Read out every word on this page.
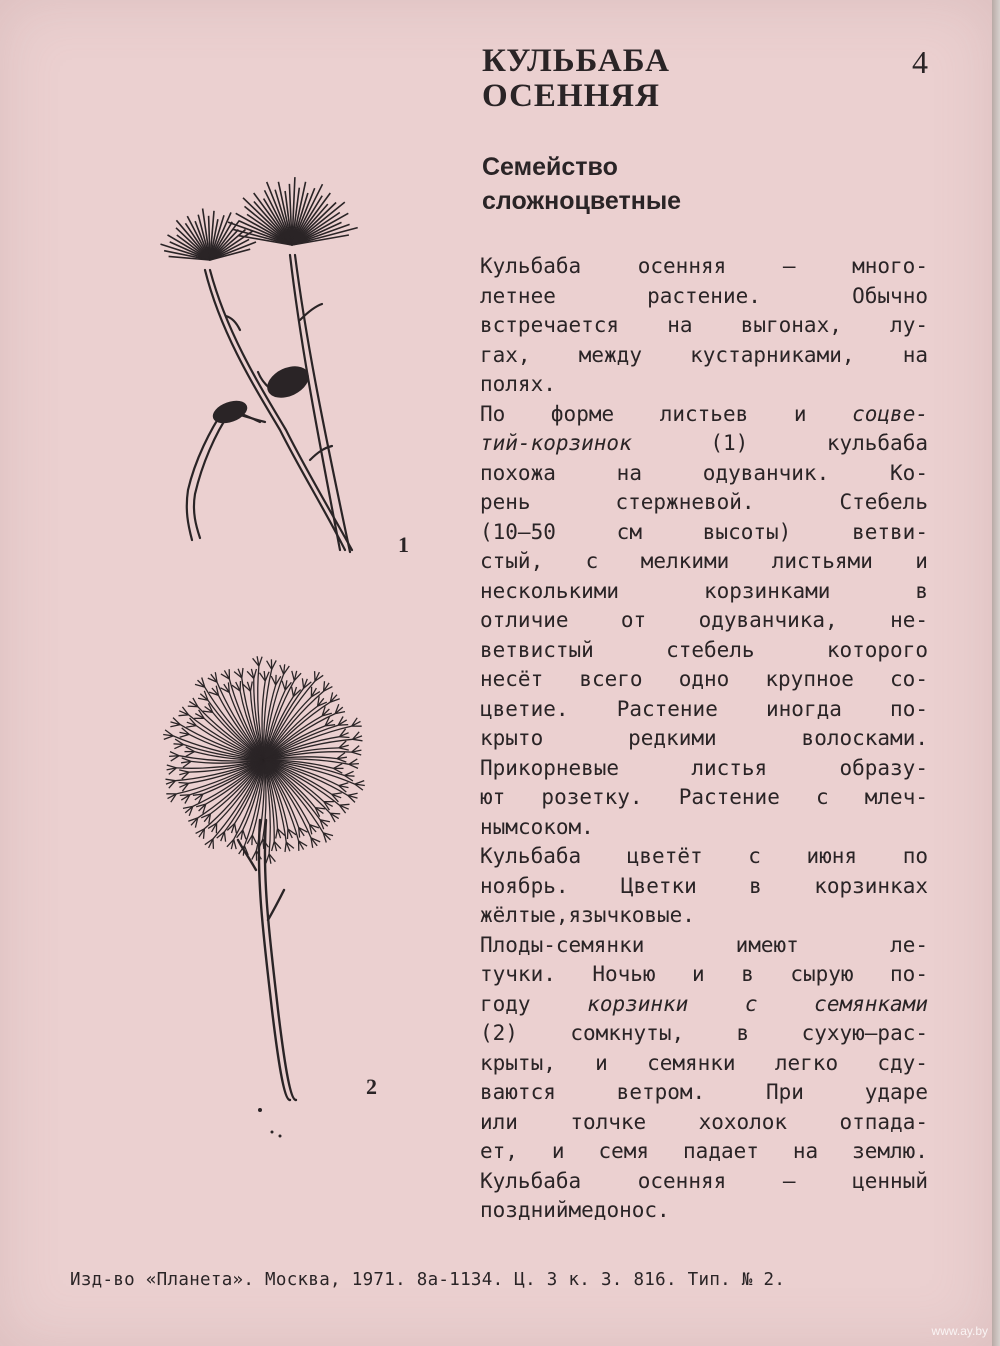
КУЛЬБАБА
ОСЕННЯЯ
4
Семейство
сложноцветные
Кульбаба	осенняя	—	много-
летнее	растение.	Обычно
встречается на выгонах, лу-
гах, между кустарниками, на
полях.
По форме листьев и соцве-
тий-корзинок	(1)	кульбаба
похожа	на	одуванчик.	Ко-
рень	стержневой.	Стебель
(10—50	см	высоты)	ветви-
стый, с мелкими листьями и
несколькими	корзинками	в
отличие от одуванчика, не-
ветвистый	стебель	которого
несёт всего одно крупное со-
цветие. Растение иногда по-
крыто	редкими	волосками.
Прикорневые	листья	образу-
ют розетку. Растение с млеч-
ным соком.
Кульбаба цветёт с июня по
ноябрь. Цветки в корзинках
жёлтые, язычковые.
Плоды-семянки	имеют	ле-
тучки. Ночью и в сырую по-
году	корзинки	с	семянками
(2) сомкнуты, в сухую—рас-
крыты, и семянки легко сду-
ваются	ветром.	При	ударе
или толчке хохолок отпада-
ет, и семя падает на землю.
Кульбаба	осенняя	—	ценный
поздний медонос.
1
2
Изд-во «Планета». Москва, 1971. 8а-1134. Ц. 3 к. З. 816. Тип. № 2.
www.ay.by
